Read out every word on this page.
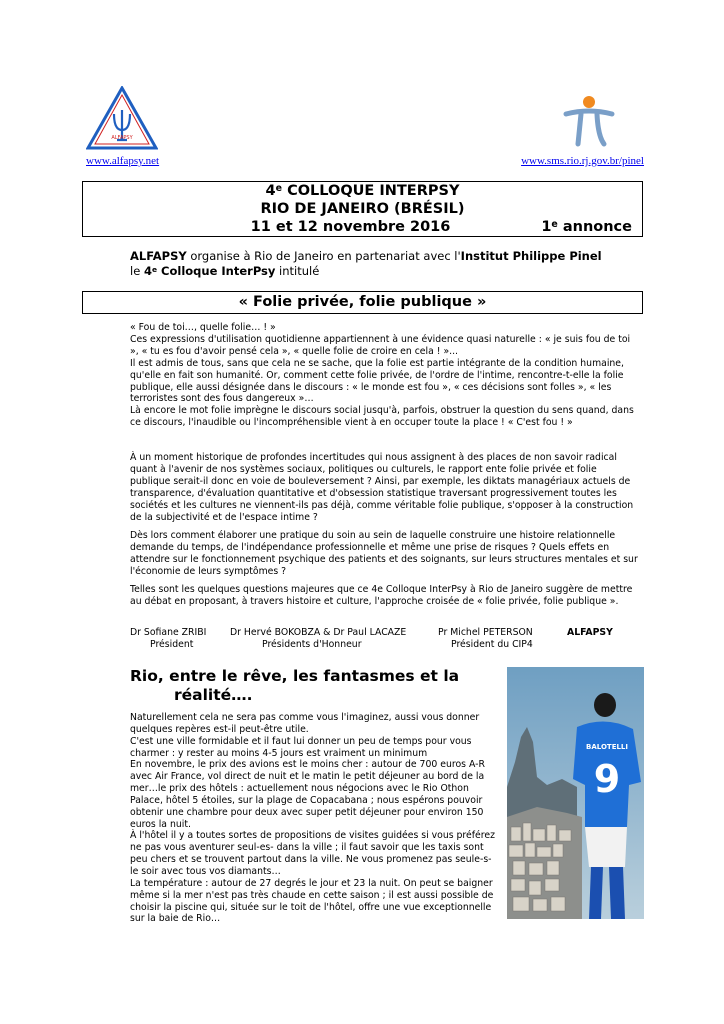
ALFAPSY
www.alfapsy.net	www.sms.rio.rj.gov.br/pinel
4e COLLOQUE INTERPSY
RIO DE JANEIRO (BRÉSIL)
11 et 12 novembre 2016	1e annonce
ALFAPSY organise à Rio de Janeiro en partenariat avec l'Institut Philippe Pinel
le 4e Colloque InterPsy intitulé
« Folie privée, folie publique »

« Fou de toi…, quelle folie… ! »
Ces expressions d'utilisation quotidienne appartiennent à une évidence quasi naturelle : « je suis fou de toi », « tu es fou d'avoir pensé cela », « quelle folie de croire en cela ! »...
Il est admis de tous, sans que cela ne se sache, que la folie est partie intégrante de la condition humaine, qu'elle en fait son humanité. Or, comment cette folie privée, de l'ordre de l'intime, rencontre-t-elle la folie publique, elle aussi désignée dans le discours : « le monde est fou », « ces décisions sont folles », « les terroristes sont des fous dangereux »…
Là encore le mot folie imprègne le discours social jusqu'à, parfois, obstruer la question du sens quand, dans ce discours, l'inaudible ou l'incompréhensible vient à en occuper toute la place ! « C'est fou ! »

À un moment historique de profondes incertitudes qui nous assignent à des places de non savoir radical quant à l'avenir de nos systèmes sociaux, politiques ou culturels, le rapport ente folie privée et folie publique serait-il donc en voie de bouleversement ? Ainsi, par exemple, les diktats managériaux actuels de transparence, d'évaluation quantitative et d'obsession statistique traversant progressivement toutes les sociétés et les cultures ne viennent-ils pas déjà, comme véritable folie publique, s'opposer à la construction de la subjectivité et de l'espace intime ?

Dès lors comment élaborer une pratique du soin au sein de laquelle construire une histoire relationnelle demande du temps, de l'indépendance professionnelle et même une prise de risques ? Quels effets en attendre sur le fonctionnement psychique des patients et des soignants, sur leurs structures mentales et sur l'économie de leurs symptômes ?

Telles sont les quelques questions majeures que ce 4e Colloque InterPsy à Rio de Janeiro suggère de mettre au débat en proposant, à travers histoire et culture, l'approche croisée de « folie privée, folie publique ».

Dr Sofiane ZRIBI
Président
Dr Hervé BOKOBZA & Dr Paul LACAZE
Présidents d'Honneur
Pr Michel PETERSON
Président du CIP4
ALFAPSY
Rio, entre le rêve, les fantasmes et la
réalité….

Naturellement cela ne sera pas comme vous l'imaginez, aussi vous donner quelques repères est-il peut-être utile.
C'est une ville formidable et il faut lui donner un peu de temps pour vous charmer : y rester au moins 4-5 jours est vraiment un minimum
En novembre, le prix des avions est le moins cher : autour de 700 euros A-R avec Air France, vol direct de nuit et le matin le petit déjeuner au bord de la mer…le prix des hôtels : actuellement nous négocions avec le Rio Othon Palace, hôtel 5 étoiles, sur la plage de Copacabana ; nous espérons pouvoir obtenir une chambre pour deux avec super petit déjeuner pour environ 150 euros la nuit.
À l'hôtel il y a toutes sortes de propositions de visites guidées si vous préférez ne pas vous aventurer seul-es- dans la ville ; il faut savoir que les taxis sont peu chers et se trouvent partout dans la ville. Ne vous promenez pas seule-s- le soir avec tous vos diamants…
La température : autour de 27 degrés le jour et 23 la nuit. On peut se baigner même si la mer n'est pas très chaude en cette saison ; il est aussi possible de choisir la piscine qui, située sur le toit de l'hôtel, offre une vue exceptionnelle sur la baie de Rio…

BALOTELLI
9
